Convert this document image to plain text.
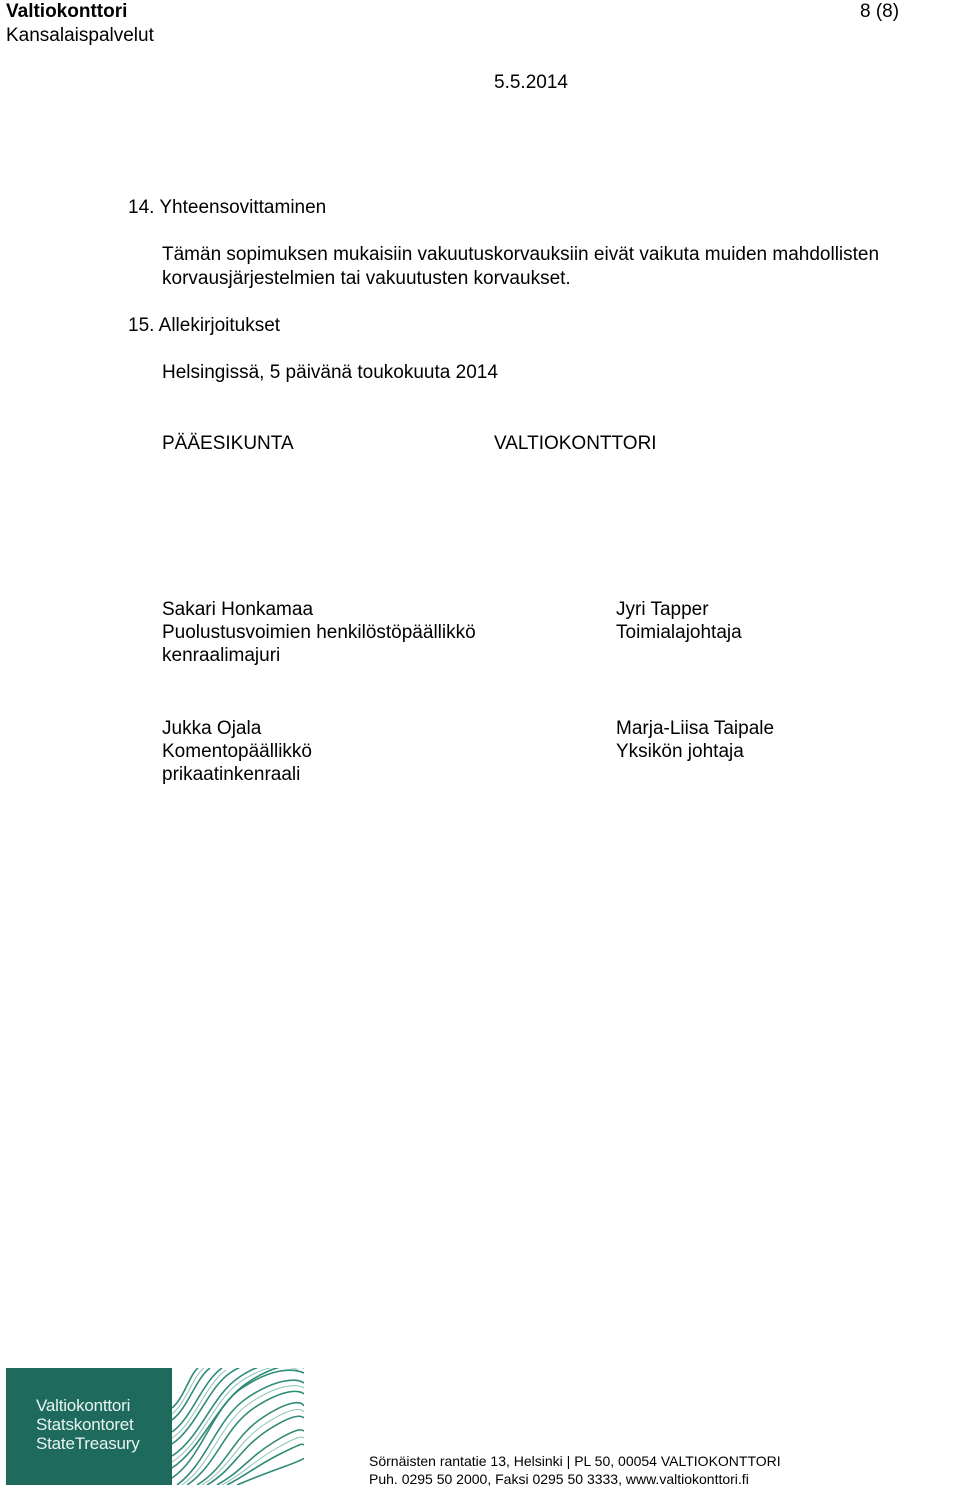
Valtiokonttori
Kansalaispalvelut
8 (8)
5.5.2014
14. Yhteensovittaminen
Tämän sopimuksen mukaisiin vakuutuskorvauksiin eivät vaikuta muiden mahdollisten
korvausjärjestelmien tai vakuutusten korvaukset.
15. Allekirjoitukset
Helsingissä, 5 päivänä toukokuuta 2014
PÄÄESIKUNTA	VALTIOKONTTORI
Sakari Honkamaa
Puolustusvoimien henkilöstöpäällikkö
kenraalimajuri
Jyri Tapper
Toimialajohtaja
Jukka Ojala
Komentopäällikkö
prikaatinkenraali
Marja-Liisa Taipale
Yksikön johtaja
Valtiokonttori
Statskontoret
StateTreasury
Sörnäisten rantatie 13, Helsinki | PL 50, 00054 VALTIOKONTTORI
Puh. 0295 50 2000, Faksi 0295 50 3333, www.valtiokonttori.fi
